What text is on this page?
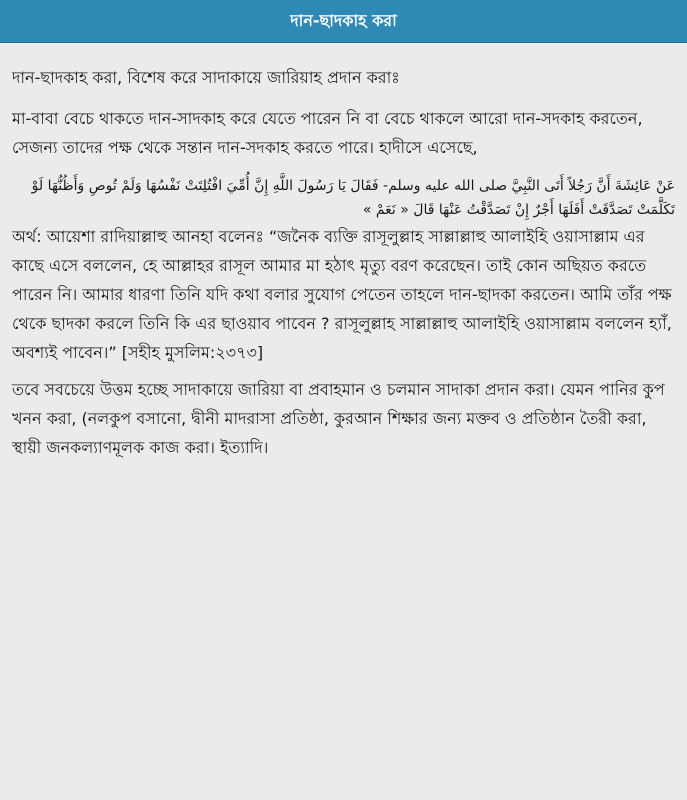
দান-ছাদকাহ করা

দান-ছাদকাহ করা, বিশেষ করে সাদাকায়ে জারিয়াহ প্রদান করাঃ

মা-বাবা বেচে থাকতে দান-সাদকাহ করে যেতে পারেন নি বা বেচে থাকলে আরো দান-সদকাহ করতেন, সেজন্য তাদের পক্ষ থেকে সন্তান দান-সদকাহ করতে পারে। হাদীসে এসেছে,

عَنْ عَائِشَةَ أَنَّ رَجُلاً أَتَى النَّبِيَّ صلى الله عليه وسلم- فَقَالَ يَا رَسُولَ اللَّهِ إِنَّ أُمِّيَ افْتُلِتَتْ نَفْسُهَا وَلَمْ تُوصِ وَأَظُنُّهَا لَوْ تَكَلَّمَتْ تَصَدَّقَتْ أَفَلَهَا أَجْرٌ إِنْ تَصَدَّقْتُ عَنْهَا قَالَ « نَعَمْ »

অর্থ: আয়েশা রাদিয়াল্লাহু আনহা বলেনঃ “জনৈক ব্যক্তি রাসূলুল্লাহ সাল্লাল্লাহু আলাইহি ওয়াসাল্লাম এর কাছে এসে বললেন, হে আল্লাহর রাসূল আমার মা হঠাৎ মৃত্যু বরণ করেছেন। তাই কোন অছিয়ত করতে পারেন নি। আমার ধারণা তিনি যদি কথা বলার সুযোগ পেতেন তাহলে দান-ছাদকা করতেন। আমি তাঁর পক্ষ থেকে ছাদকা করলে তিনি কি এর ছাওয়াব পাবেন ? রাসূলুল্লাহ সাল্লাল্লাহু আলাইহি ওয়াসাল্লাম বললেন হ্যাঁ, অবশ্যই পাবেন।” [সহীহ মুসলিম:২৩৭৩]

তবে সবচেয়ে উত্তম হচ্ছে সাদাকায়ে জারিয়া বা প্রবাহমান ও চলমান সাদাকা প্রদান করা। যেমন পানির কুপ খনন করা, (নলকুপ বসানো, দ্বীনী মাদরাসা প্রতিষ্ঠা, কুরআন শিক্ষার জন্য মক্তব ও প্রতিষ্ঠান তৈরী করা, স্থায়ী জনকল্যাণমূলক কাজ করা। ইত্যাদি।
